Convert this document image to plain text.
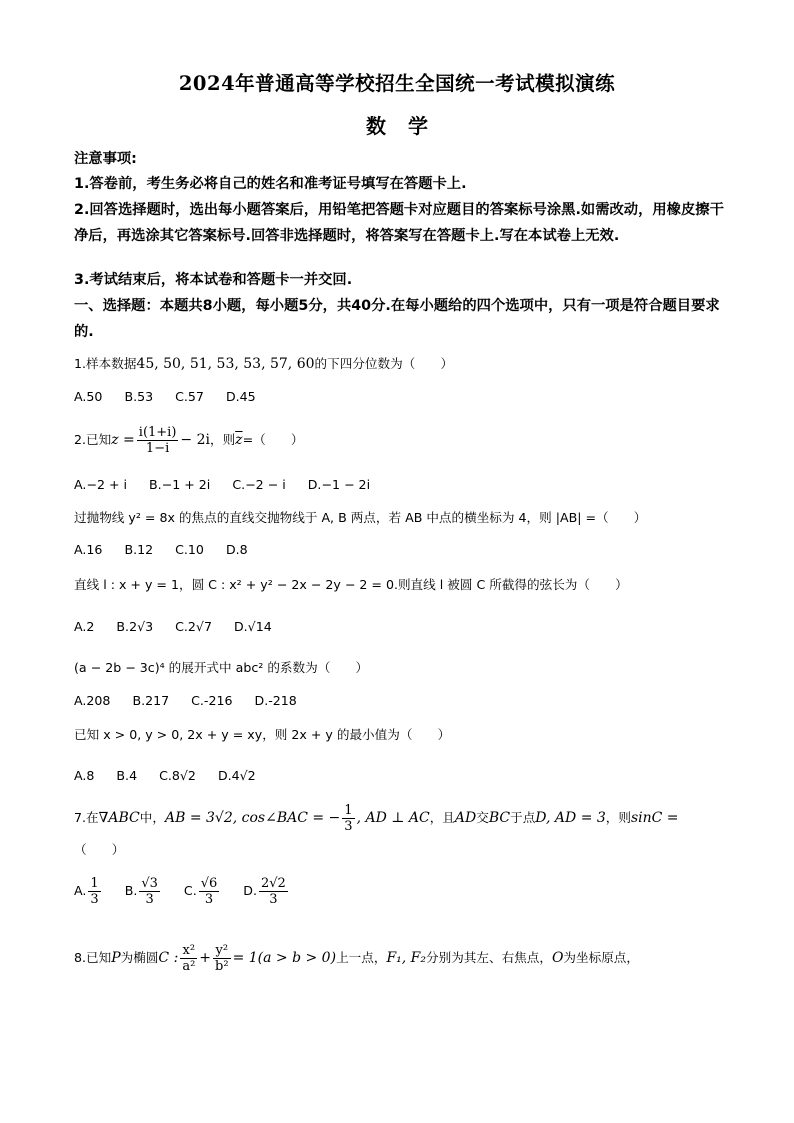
2024年普通高等学校招生全国统一考试模拟演练
数学
注意事项:
1.答卷前，考生务必将自己的姓名和准考证号填写在答题卡上.
2.回答选择题时，选出每小题答案后，用铅笔把答题卡对应题目的答案标号涂黑.如需改动，用橡皮擦干净后，再选涂其它答案标号.回答非选择题时，将答案写在答题卡上.写在本试卷上无效.
3.考试结束后，将本试卷和答题卡一并交回.
一、选择题：本题共8小题，每小题5分，共40分.在每小题给的四个选项中，只有一项是符合题目要求的.
1.样本数据45, 50, 51, 53, 53, 57, 60的下四分位数为（　　）
A.50 B.53 C.57 D.45
2.已知$z = \frac{i(1+i)}{1-i} - 2i$，则$\overline{z}=$（　　）
A.−2 + i B.−1 + 2i C.−2 − i D.−1 − 2i
过抛物线 y² = 8x 的焦点的直线交抛物线于 A, B 两点，若 AB 中点的横坐标为 4，则 |AB| =（　　）
A.16 B.12 C.10 D.8
直线 l : x + y = 1，圆 C : x² + y² − 2x − 2y − 2 = 0.则直线 l 被圆 C 所截得的弦长为（　　）
A.2 B.2√3 C.2√7 D.√14
(a − 2b − 3c)⁴ 的展开式中 abc² 的系数为（　　）
A.208 B.217 C.-216 D.-218
已知 x > 0, y > 0, 2x + y = xy，则 2x + y 的最小值为（　　）
A.8 B.4 C.8√2 D.4√2
7.在∇ABC中，AB = 3√2, cos∠BAC = − $\frac{1}{3}$ , AD ⊥ AC，且AD交BC于点D, AD = 3，则sinC =
（　　）
A. $\frac{1}{3} B$. $\frac{√3}{3} C$. $\frac{√6}{3} D$. $\frac{2√2}{3}$
8.已知P为椭圆C : $\frac{\text{x²}}{\text{a²}} + \frac{\text{y²}}{\text{b²}} = 1(a > b > 0)$上一点，F₁, F₂分别为其左、右焦点，O为坐标原点，
